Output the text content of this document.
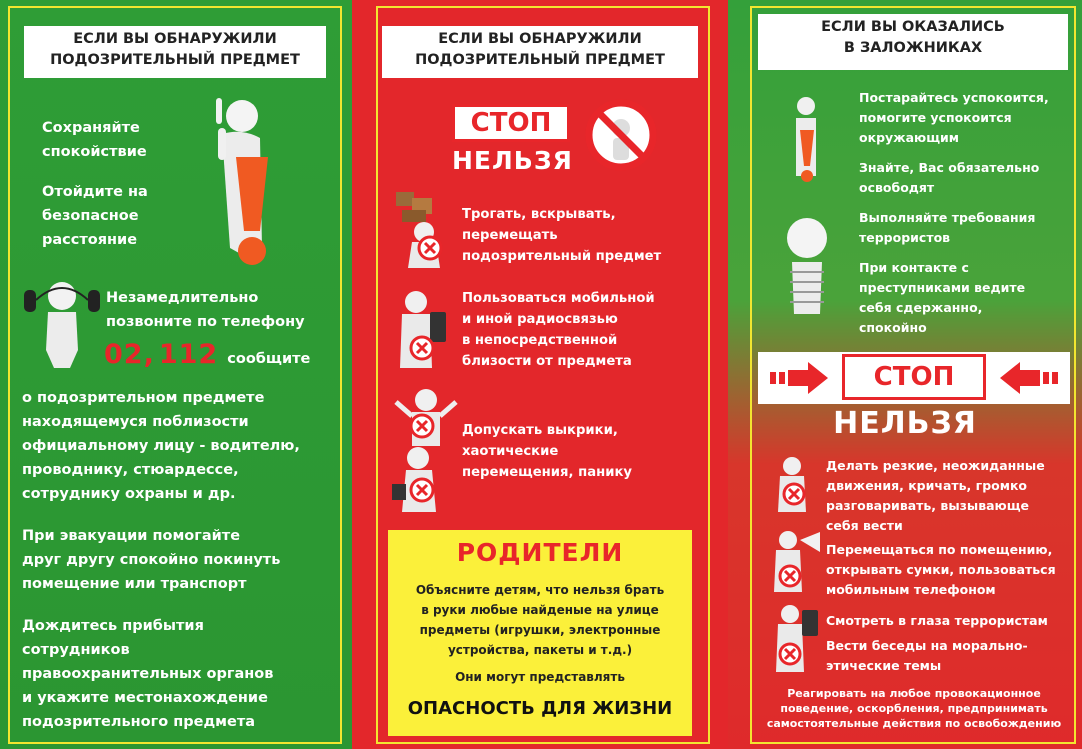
ЕСЛИ ВЫ ОБНАРУЖИЛИ
ПОДОЗРИТЕЛЬНЫЙ ПРЕДМЕТ
Сохраняйте
спокойствие
Отойдите на
безопасное
расстояние
Незамедлительно
позвоните по телефону
02, 112 сообщите
о подозрительном предмете
находящемуся поблизости
официальному лицу - водителю,
проводнику, стюардессе,
сотруднику охраны и др.
При эвакуации помогайте
друг другу спокойно покинуть
помещение или транспорт
Дождитесь прибытия
сотрудников
правоохранительных органов
и укажите местонахождение
подозрительного предмета
ЕСЛИ ВЫ ОБНАРУЖИЛИ
ПОДОЗРИТЕЛЬНЫЙ ПРЕДМЕТ
СТОП
НЕЛЬЗЯ
Трогать, вскрывать,
перемещать
подозрительный предмет
Пользоваться мобильной
и иной радиосвязью
в непосредственной
близости от предмета
Допускать выкрики,
хаотические
перемещения, панику
РОДИТЕЛИ
Объясните детям, что нельзя брать
в руки любые найденые на улице
предметы (игрушки, электронные
устройства, пакеты и т.д.)
Они могут представлять
ОПАСНОСТЬ ДЛЯ ЖИЗНИ
ЕСЛИ ВЫ ОКАЗАЛИСЬ
В ЗАЛОЖНИКАХ
Постарайтесь успокоится,
помогите успокоится
окружающим
Знайте, Вас обязательно
освободят
Выполняйте требования
террористов
При контакте с
преступниками ведите
себя сдержанно,
спокойно
СТОП
НЕЛЬЗЯ
Делать резкие, неожиданные
движения, кричать, громко
разговаривать, вызывающе
себя вести
Перемещаться по помещению,
открывать сумки, пользоваться
мобильным телефоном
Смотреть в глаза террористам
Вести беседы на морально-
этические темы
Реагировать на любое провокационное
поведение, оскорбления, предпринимать
самостоятельные действия по освобождению
